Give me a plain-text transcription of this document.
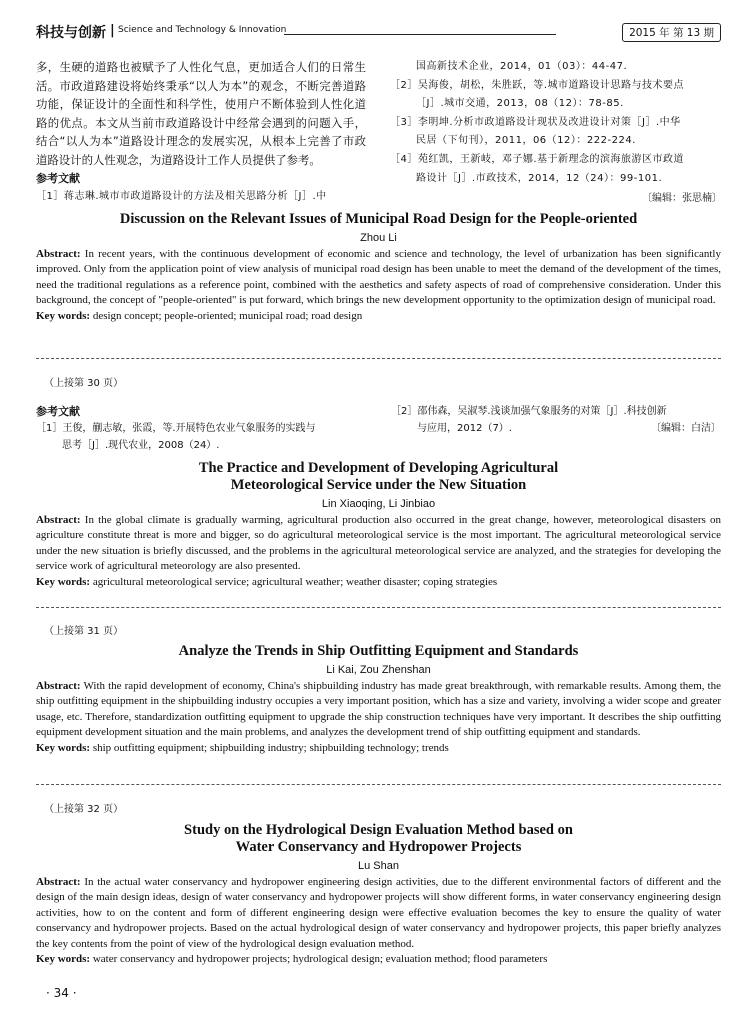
科技与创新 | Science and Technology & Innovation	2015 年 第 13 期
多，生硬的道路也被赋予了人性化气息，更加适合人们的日常生活。市政道路建设将始终秉承“以人为本”的观念，不断完善道路功能，保证设计的全面性和科学性，使用户不断体验到人性化道路的优点。本文从当前市政道路设计中经常会遇到的问题入手，结合“以人为本”道路设计理念的发展实况，从根本上完善了市政道路设计的人性观念，为道路设计工作人员提供了参考。
参考文献
［1］蒋志琳.城市市政道路设计的方法及相关思路分析［J］.中
国高新技术企业，2014，01（03）：44-47.
［2］吴海俊，胡松，朱胜跃，等.城市道路设计思路与技术要点
［J］.城市交通，2013，08（12）：78-85.
［3］李明坤.分析市政道路设计现状及改进设计对策［J］.中华
民居（下旬刊），2011，06（12）：222-224.
［4］苑红凯，王新岐，邓子娜.基于新理念的滨海旅游区市政道
路设计［J］.市政技术，2014，12（24）：99-101.
〔编辑：张思楠〕
Discussion on the Relevant Issues of Municipal Road Design for the People-oriented
Zhou Li
Abstract: In recent years, with the continuous development of economic and science and technology, the level of urbanization has been significantly improved. Only from the application point of view analysis of municipal road design has been unable to meet the demand of the development of the times, need the traditional regulations as a reference point, combined with the aesthetics and safety aspects of road of comprehensive consideration. Under this background, the concept of "people-oriented" is put forward, which brings the new development opportunity to the optimization design of municipal road.
Key words: design concept; people-oriented; municipal road; road design
（上接第 30 页）
参考文献
［1］王俊，蒯志敏，张霞，等.开展特色农业气象服务的实践与
思考［J］.现代农业，2008（24）.
［2］邵伟森，吴淑琴.浅谈加强气象服务的对策［J］.科技创新
与应用，2012（7）.	〔编辑：白洁〕
The Practice and Development of Developing Agricultural
Meteorological Service under the New Situation
Lin Xiaoqing, Li Jinbiao
Abstract: In the global climate is gradually warming, agricultural production also occurred in the great change, however, meteorological disasters on agriculture constitute threat is more and bigger, so do agricultural meteorological service is the most important. The agricultural meteorological service under the new situation is briefly discussed, and the problems in the agricultural meteorological service are analyzed, and the strategies for developing the service work of agricultural meteorology are also presented.
Key words: agricultural meteorological service; agricultural weather; weather disaster; coping strategies
（上接第 31 页）
Analyze the Trends in Ship Outfitting Equipment and Standards
Li Kai, Zou Zhenshan
Abstract: With the rapid development of economy, China's shipbuilding industry has made great breakthrough, with remarkable results. Among them, the ship outfitting equipment in the shipbuilding industry occupies a very important position, which has a size and variety, involving a wider scope and greater usage, etc. Therefore, standardization outfitting equipment to upgrade the ship construction techniques have very important. It describes the ship outfitting equipment development situation and the main problems, and analyzes the development trend of ship outfitting equipment and standards.
Key words: ship outfitting equipment; shipbuilding industry; shipbuilding technology; trends
（上接第 32 页）
Study on the Hydrological Design Evaluation Method based on
Water Conservancy and Hydropower Projects
Lu Shan
Abstract: In the actual water conservancy and hydropower engineering design activities, due to the different environmental factors of different and the design of the main design ideas, design of water conservancy and hydropower projects will show different forms, in water conservancy engineering design activities, how to on the content and form of different engineering design were effective evaluation becomes the key to ensure the quality of water conservancy and hydropower projects. Based on the actual hydrological design of water conservancy and hydropower projects, this paper briefly analyzes the key contents from the point of view of the hydrological design evaluation method.
Key words: water conservancy and hydropower projects; hydrological design; evaluation method; flood parameters
· 34 ·
